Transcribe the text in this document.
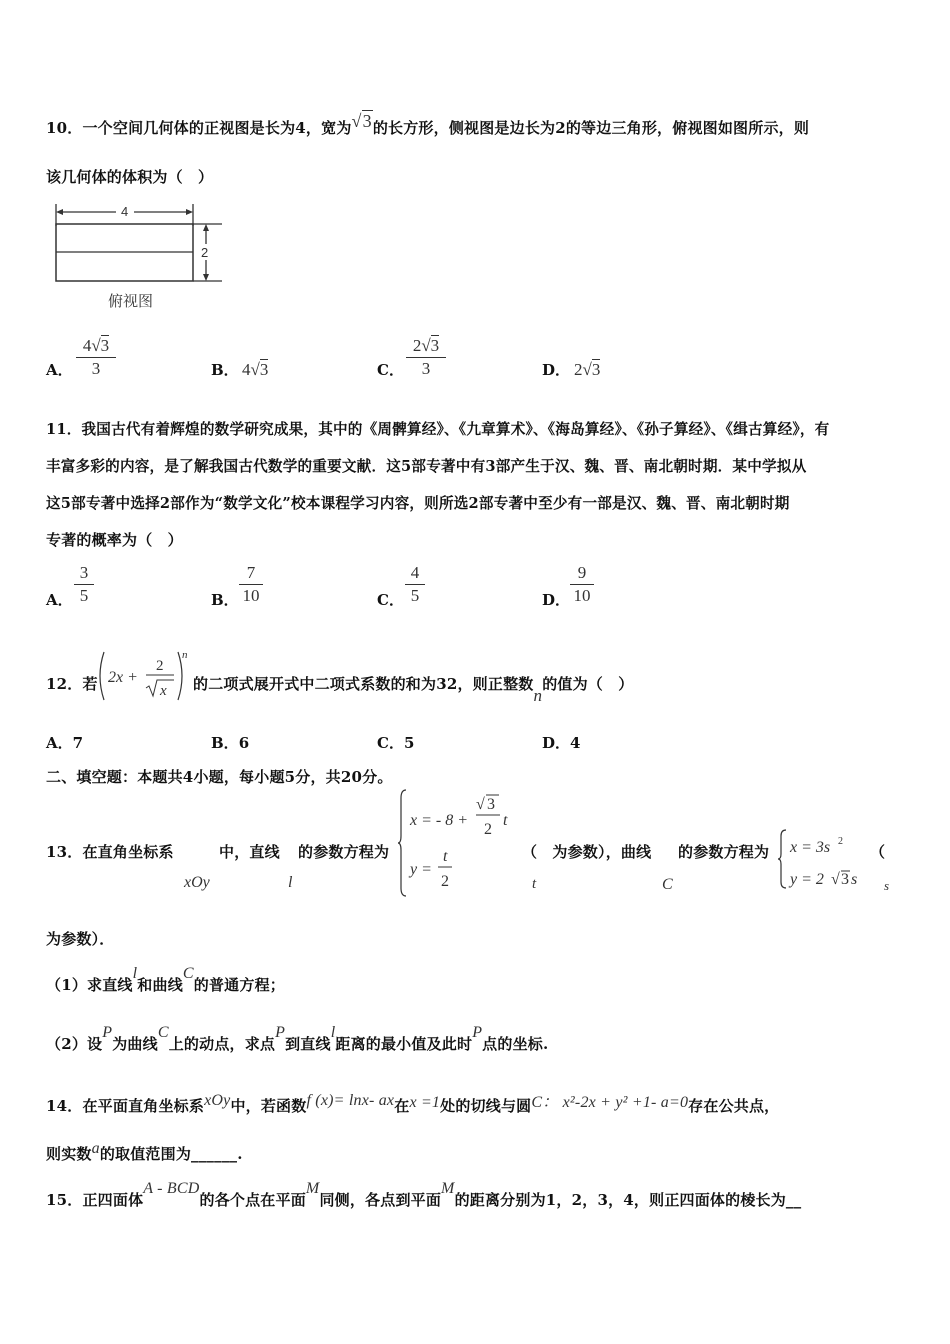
10．一个空间几何体的正视图是长为4，宽为√3的长方形，侧视图是边长为2的等边三角形，俯视图如图所示，则
该几何体的体积为（　）
4
2
俯视图
A．
4√3
3	B． 4√3	C．
2√3
3	D． 2√3
11．我国古代有着辉煌的数学研究成果，其中的《周髀算经》、《九章算术》、《海岛算经》、《孙子算经》、《缉古算经》，有
丰富多彩的内容，是了解我国古代数学的重要文献．这5部专著中有3部产生于汉、魏、晋、南北朝时期．某中学拟从
这5部专著中选择2部作为“数学文化”校本课程学习内容，则所选2部专著中至少有一部是汉、魏、晋、南北朝时期
专著的概率为（　）
A．
3
5	B．
7
10	C．
4
5	D．
9
10
12．若 2x +
2
x
n
的二项式展开式中二项式系数的和为32，则正整数n的值为（　）
A．7	B．6	C．5	D．4
二、填空题：本题共4小题，每小题5分，共20分。
13．在直角坐标系
xOy
中，直线
l
的参数方程为
x = - 8 +
√ 3
2
t
y =
t
2
（　为参数），曲线
t	C
的参数方程为 x = 3s 2
y = 2 √ 3 s
（
s
为参数）．
（1）求直线l和曲线C的普通方程；
（2）设P为曲线C上的动点，求点P到直线l距离的最小值及此时P点的坐标.
14．在平面直角坐标系xOy中，若函数f (x)= lnx- ax在x =1处的切线与圆C： x²-2x + y² +1- a=0存在公共点，
则实数a的取值范围为______.
15．正四面体A - BCD的各个点在平面M同侧，各点到平面M的距离分别为1，2，3，4，则正四面体的棱长为__
